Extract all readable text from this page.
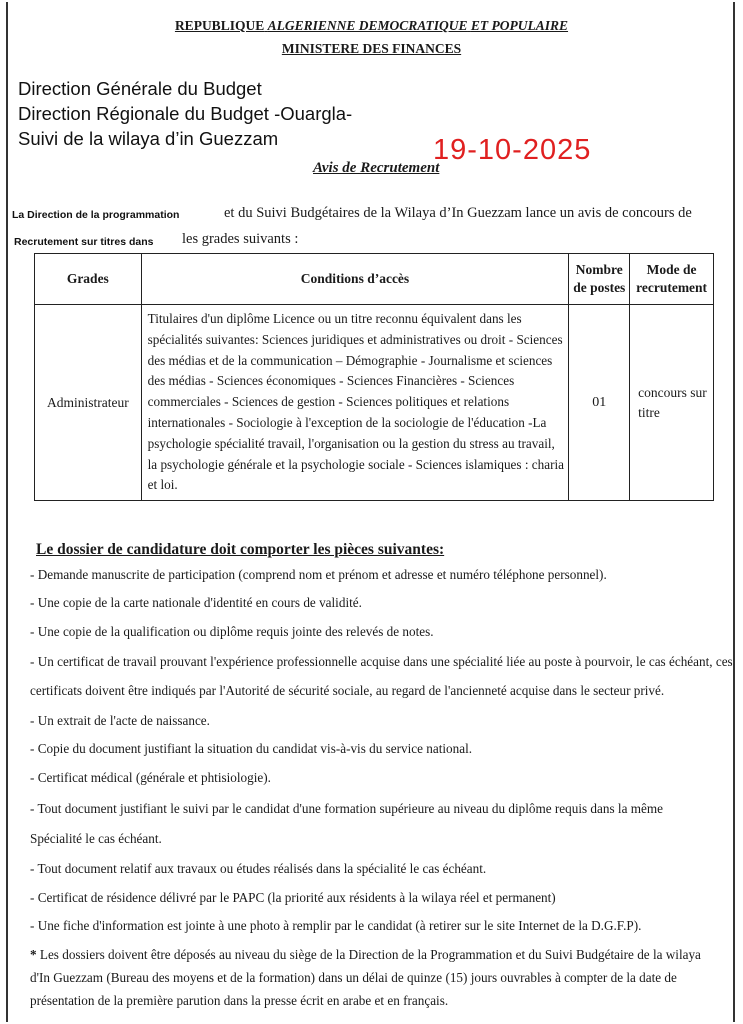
REPUBLIQUE ALGERIENNE DEMOCRATIQUE ET POPULAIRE
MINISTERE DES FINANCES
Direction Générale du Budget
Direction Régionale du Budget -Ouargla-
Suivi de la wilaya d’in Guezzam	19-10-2025
Avis de Recrutement
La Direction de la programmation	et du Suivi Budgétaires de la Wilaya d’In Guezzam lance un avis de concours de
Recrutement sur titres dans les grades suivants :
Grades	Conditions d’accès	Nombre de postes	Mode de recrutement
Administrateur	Titulaires d'un diplôme Licence ou un titre reconnu équivalent dans les spécialités suivantes: Sciences juridiques et administratives ou droit - Sciences des médias et de la communication – Démographie - Journalisme et sciences des médias - Sciences économiques - Sciences Financières - Sciences commerciales - Sciences de gestion - Sciences politiques et relations internationales - Sociologie à l'exception de la sociologie de l'éducation -La psychologie spécialité travail, l'organisation ou la gestion du stress au travail, la psychologie générale et la psychologie sociale - Sciences islamiques : charia et loi.	01	concours sur titre
Le dossier de candidature doit comporter les pièces suivantes:
- Demande manuscrite de participation (comprend nom et prénom et adresse et numéro téléphone personnel).
- Une copie de la carte nationale d'identité en cours de validité.
- Une copie de la qualification ou diplôme requis jointe des relevés de notes.
- Un certificat de travail prouvant l'expérience professionnelle acquise dans une spécialité liée au poste à pourvoir, le cas échéant, ces
certificats doivent être indiqués par l'Autorité de sécurité sociale, au regard de l'ancienneté acquise dans le secteur privé.
- Un extrait de l'acte de naissance.
- Copie du document justifiant la situation du candidat vis-à-vis du service national.
- Certificat médical (générale et phtisiologie).
- Tout document justifiant le suivi par le candidat d'une formation supérieure au niveau du diplôme requis dans la même
Spécialité le cas échéant.
- Tout document relatif aux travaux ou études réalisés dans la spécialité le cas échéant.
- Certificat de résidence délivré par le PAPC (la priorité aux résidents à la wilaya réel et permanent)
- Une fiche d'information est jointe à une photo à remplir par le candidat (à retirer sur le site Internet de la D.G.F.P).
* Les dossiers doivent être déposés au niveau du siège de la Direction de la Programmation et du Suivi Budgétaire de la wilaya d'In Guezzam (Bureau des moyens et de la formation) dans un délai de quinze (15) jours ouvrables à compter de la date de présentation de la première parution dans la presse écrit en arabe et en français.
